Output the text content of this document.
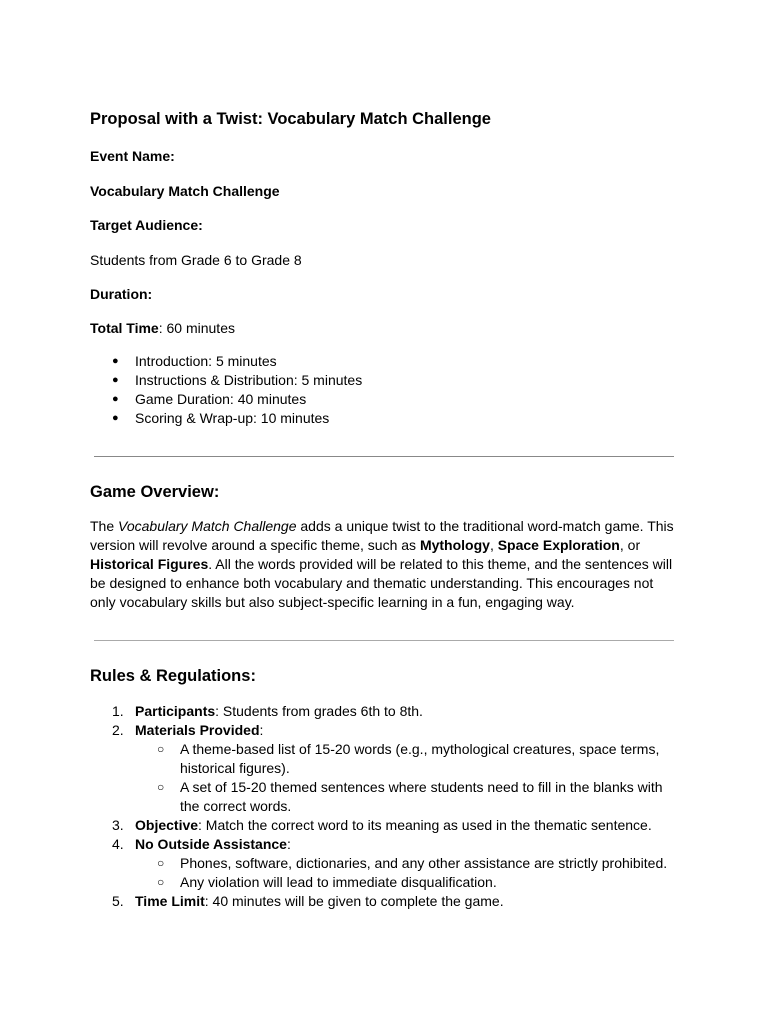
Proposal with a Twist: Vocabulary Match Challenge

Event Name:

Vocabulary Match Challenge

Target Audience:

Students from Grade 6 to Grade 8

Duration:

Total Time: 60 minutes

● Introduction: 5 minutes
● Instructions & Distribution: 5 minutes
● Game Duration: 40 minutes
● Scoring & Wrap-up: 10 minutes

Game Overview:

The Vocabulary Match Challenge adds a unique twist to the traditional word-match game. This version will revolve around a specific theme, such as Mythology, Space Exploration, or Historical Figures. All the words provided will be related to this theme, and the sentences will be designed to enhance both vocabulary and thematic understanding. This encourages not only vocabulary skills but also subject-specific learning in a fun, engaging way.

Rules & Regulations:

1. Participants: Students from grades 6th to 8th.
2. Materials Provided:
○ A theme-based list of 15-20 words (e.g., mythological creatures, space terms, historical figures).
○ A set of 15-20 themed sentences where students need to fill in the blanks with the correct words.
3. Objective: Match the correct word to its meaning as used in the thematic sentence.
4. No Outside Assistance:
○ Phones, software, dictionaries, and any other assistance are strictly prohibited.
○ Any violation will lead to immediate disqualification.
5. Time Limit: 40 minutes will be given to complete the game.
